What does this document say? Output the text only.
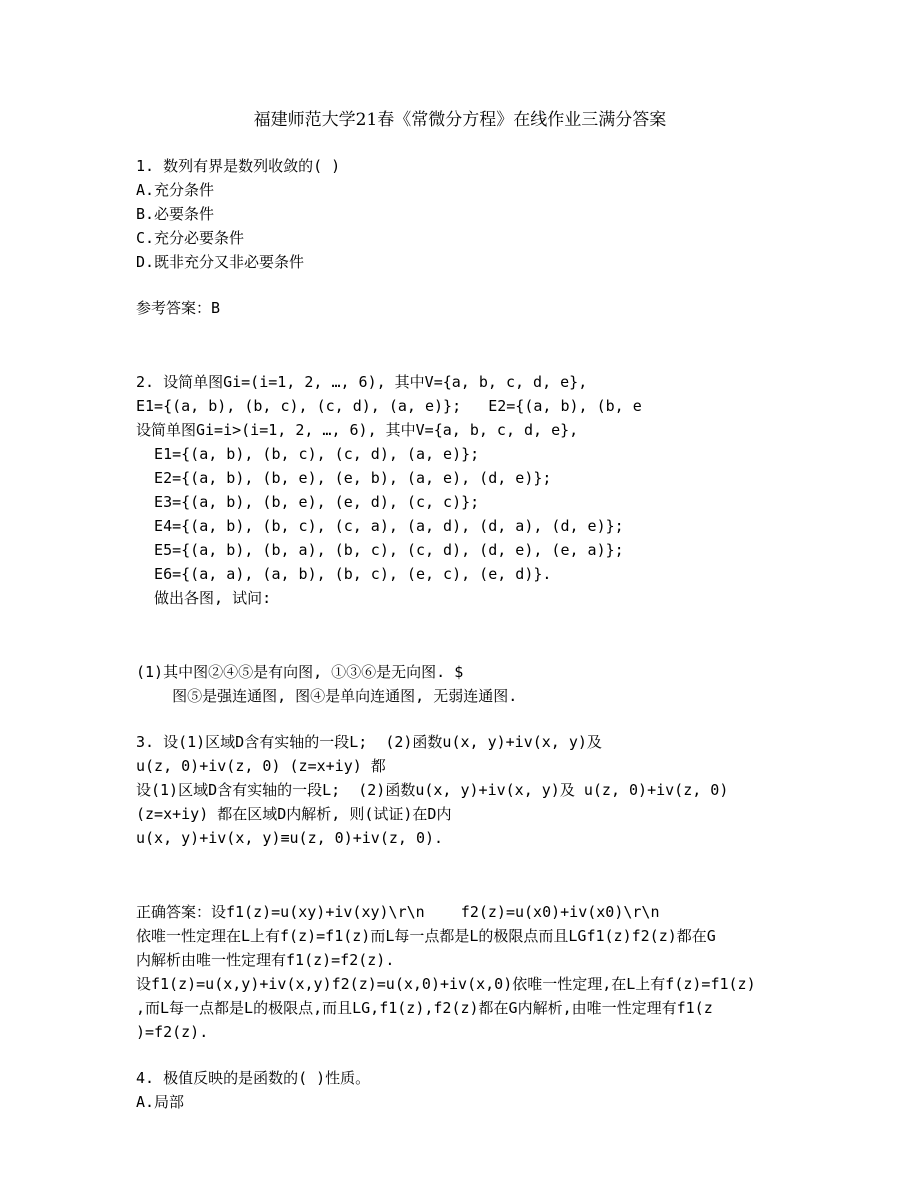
福建师范大学21春《常微分方程》在线作业三满分答案
1. 数列有界是数列收敛的( )
A.充分条件
B.必要条件
C.充分必要条件
D.既非充分又非必要条件
参考答案：B
2. 设简单图Gi=(i=1, 2, …, 6), 其中V={a, b, c, d, e},
E1={(a, b), (b, c), (c, d), (a, e)};   E2={(a, b), (b, e
设简单图Gi=i>(i=1, 2, …, 6), 其中V={a, b, c, d, e},
E1={(a, b), (b, c), (c, d), (a, e)};
E2={(a, b), (b, e), (e, b), (a, e), (d, e)};
E3={(a, b), (b, e), (e, d), (c, c)};
E4={(a, b), (b, c), (c, a), (a, d), (d, a), (d, e)};
E5={(a, b), (b, a), (b, c), (c, d), (d, e), (e, a)};
E6={(a, a), (a, b), (b, c), (e, c), (e, d)}.
做出各图, 试问:
(1)其中图②④⑤是有向图, ①③⑥是无向图. $
图⑤是强连通图, 图④是单向连通图, 无弱连通图.
3. 设(1)区域D含有实轴的一段L;  (2)函数u(x, y)+iv(x, y)及
u(z, 0)+iv(z, 0) (z=x+iy) 都
设(1)区域D含有实轴的一段L;  (2)函数u(x, y)+iv(x, y)及 u(z, 0)+iv(z, 0)
(z=x+iy) 都在区域D内解析, 则(试证)在D内
u(x, y)+iv(x, y)≡u(z, 0)+iv(z, 0).
正确答案：设f1(z)=u(xy)+iv(xy)\r\n    f2(z)=u(x0)+iv(x0)\r\n
依唯一性定理在L上有f(z)=f1(z)而L每一点都是L的极限点而且LGf1(z)f2(z)都在G
内解析由唯一性定理有f1(z)=f2(z).
设f1(z)=u(x,y)+iv(x,y)f2(z)=u(x,0)+iv(x,0)依唯一性定理,在L上有f(z)=f1(z)
,而L每一点都是L的极限点,而且LG,f1(z),f2(z)都在G内解析,由唯一性定理有f1(z
)=f2(z).
4. 极值反映的是函数的( )性质。
A.局部
